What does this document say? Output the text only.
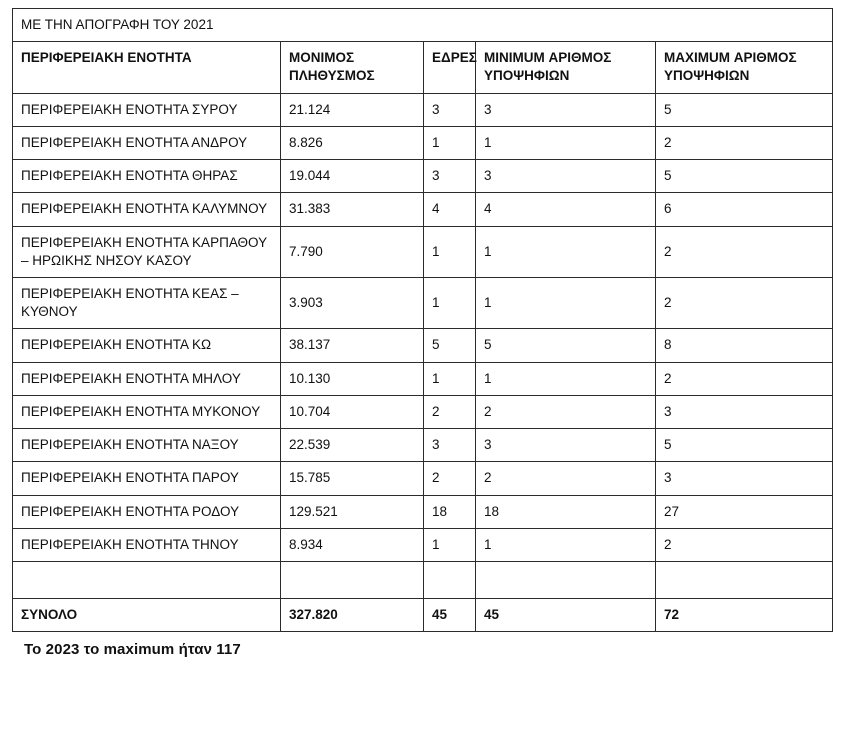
ΜΕ ΤΗΝ ΑΠΟΓΡΑΦΗ ΤΟΥ 2021				
ΠΕΡΙΦΕΡΕΙΑΚΗ ΕΝΟΤΗΤΑ	ΜΟΝΙΜΟΣ ΠΛΗΘΥΣΜΟΣ	ΕΔΡΕΣ	ΜΙΝΙΜUM ΑΡΙΘΜΟΣ ΥΠΟΨΗΦΙΩΝ	ΜΑΧΙΜUM ΑΡΙΘΜΟΣ ΥΠΟΨΗΦΙΩΝ
ΠΕΡΙΦΕΡΕΙΑΚΗ ΕΝΟΤΗΤΑ ΣΥΡΟΥ	21.124	3	3	5
ΠΕΡΙΦΕΡΕΙΑΚΗ ΕΝΟΤΗΤΑ ΑΝΔΡΟΥ	8.826	1	1	2
ΠΕΡΙΦΕΡΕΙΑΚΗ ΕΝΟΤΗΤΑ ΘΗΡΑΣ	19.044	3	3	5
ΠΕΡΙΦΕΡΕΙΑΚΗ ΕΝΟΤΗΤΑ ΚΑΛΥΜΝΟΥ	31.383	4	4	6
ΠΕΡΙΦΕΡΕΙΑΚΗ ΕΝΟΤΗΤΑ ΚΑΡΠΑΘΟΥ – ΗΡΩΙΚΗΣ ΝΗΣΟΥ ΚΑΣΟΥ	7.790	1	1	2
ΠΕΡΙΦΕΡΕΙΑΚΗ ΕΝΟΤΗΤΑ ΚΕΑΣ – ΚΥΘΝΟΥ	3.903	1	1	2
ΠΕΡΙΦΕΡΕΙΑΚΗ ΕΝΟΤΗΤΑ ΚΩ	38.137	5	5	8
ΠΕΡΙΦΕΡΕΙΑΚΗ ΕΝΟΤΗΤΑ ΜΗΛΟΥ	10.130	1	1	2
ΠΕΡΙΦΕΡΕΙΑΚΗ ΕΝΟΤΗΤΑ ΜΥΚΟΝΟΥ	10.704	2	2	3
ΠΕΡΙΦΕΡΕΙΑΚΗ ΕΝΟΤΗΤΑ ΝΑΞΟΥ	22.539	3	3	5
ΠΕΡΙΦΕΡΕΙΑΚΗ ΕΝΟΤΗΤΑ ΠΑΡΟΥ	15.785	2	2	3
ΠΕΡΙΦΕΡΕΙΑΚΗ ΕΝΟΤΗΤΑ ΡΟΔΟΥ	129.521	18	18	27
ΠΕΡΙΦΕΡΕΙΑΚΗ ΕΝΟΤΗΤΑ ΤΗΝΟΥ	8.934	1	1	2

ΣΥΝΟΛΟ	327.820	45	45	72
Το 2023 το maximum ήταν 117
